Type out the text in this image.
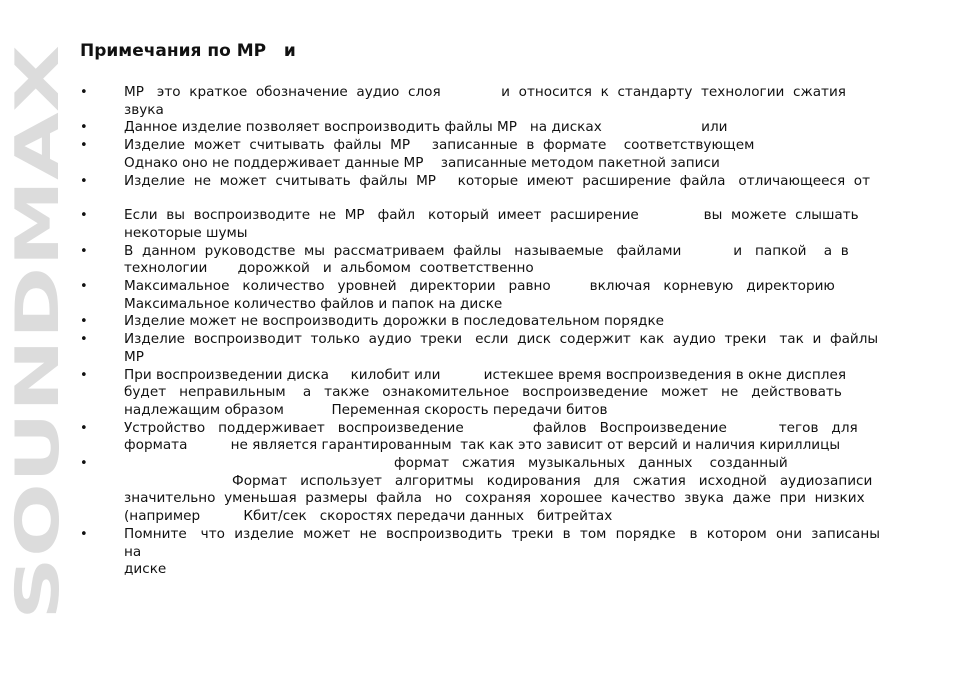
SOUNDMAX
Примечания по MP   и
•	MP   это  краткое  обозначение  аудио  слоя              и  относится  к  стандарту  технологии  сжатия
звука
•	Данное изделие позволяет воспроизводить файлы MP   на дисках                       или
•	Изделие  может  считывать  файлы  MP     записанные  в  формате    соответствующем
Однако оно не поддерживает данные MP    записанные методом пакетной записи
•	Изделие  не  может  считывать  файлы  MP     которые  имеют  расширение  файла   отличающееся  от
•	Если  вы  воспроизводите  не  MP   файл   который  имеет  расширение               вы  можете  слышать
некоторые шумы
•	В  данном  руководстве  мы  рассматриваем  файлы   называемые   файлами            и   папкой    а  в
технологии       дорожкой   и  альбомом  соответственно
•	Максимальное   количество   уровней   директории   равно         включая   корневую   директорию
Максимальное количество файлов и папок на диске
•	Изделие может не воспроизводить дорожки в последовательном порядке
•	Изделие  воспроизводит  только  аудио  треки   если  диск  содержит  как  аудио  треки   так  и  файлы
MP
•	При воспроизведении диска     килобит или          истекшее время воспроизведения в окне дисплея
будет   неправильным    а   также   ознакомительное   воспроизведение   может   не   действовать
надлежащим образом           Переменная скорость передачи битов
•	Устройство   поддерживает   воспроизведение                файлов   Воспроизведение            тегов   для
формата          не является гарантированным  так как это зависит от версий и наличия кириллицы
•	формат   сжатия   музыкальных   данных    созданный
Формат   использует   алгоритмы   кодирования   для   сжатия   исходной   аудиозаписи
значительно  уменьшая  размеры  файла   но   сохраняя  хорошее  качество  звука  даже  при  низких
(например          Кбит/сек   скоростях передачи данных   битрейтах
•	Помните   что  изделие  может  не  воспроизводить  треки  в  том  порядке   в  котором  они  записаны  на
диске
